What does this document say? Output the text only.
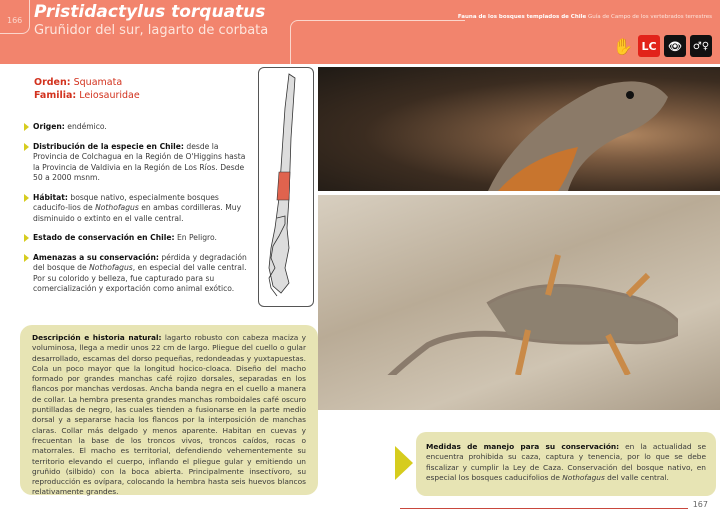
166 Pristidactylus torquatus
Gruñidor del sur, lagarto de corbata
Fauna de los bosques templados de Chile Guía de Campo de los vertebrados terrestres
✋ LC	👁	♂♀
Orden: Squamata
Familia: Leiosauridae

Origen: endémico.

Distribución de la especie en Chile: desde la Provincia de Colchagua en la Región de O'Higgins hasta la Provincia de Valdivia en la Región de Los Ríos. Desde 50 a 2000 msnm.

Hábitat: bosque nativo, especialmente bosques caducifo-lios de Nothofagus en ambas cordilleras. Muy disminuido o extinto en el valle central.

Estado de conservación en Chile: En Peligro.

Amenazas a su conservación: pérdida y degradación del bosque de Nothofagus, en especial del valle central. Por su colorido y belleza, fue capturado para su comercialización y exportación como animal exótico.

Descripción e historia natural: lagarto robusto con cabeza maciza y voluminosa, llega a medir unos 22 cm de largo. Pliegue del cuello o gular desarrollado, escamas del dorso pequeñas, redondeadas y yuxtapuestas. Cola un poco mayor que la longitud hocico-cloaca. Diseño del macho formado por grandes manchas café rojizo dorsales, separadas en los flancos por manchas verdosas. Ancha banda negra en el cuello a manera de collar. La hembra presenta grandes manchas romboidales café oscuro puntilladas de negro, las cuales tienden a fusionarse en la parte medio dorsal y a separarse hacia los flancos por la interposición de manchas claras. Collar más delgado y menos aparente. Habitan en cuevas y frecuentan la base de los troncos vivos, troncos caídos, rocas o matorrales. El macho es territorial, defendiendo vehementemente su territorio elevando el cuerpo, inflando el pliegue gular y emitiendo un gruñido (silbido) con la boca abierta. Principalmente insectívoro, su reproducción es ovípara, colocando la hembra hasta seis huevos blancos relativamente grandes.
Medidas de manejo para su conservación: en la actualidad se encuentra prohibida su caza, captura y tenencia, por lo que se debe fiscalizar y cumplir la Ley de Caza. Conservación del bosque nativo, en especial los bosques caducifolios de Nothofagus del valle central.
167
